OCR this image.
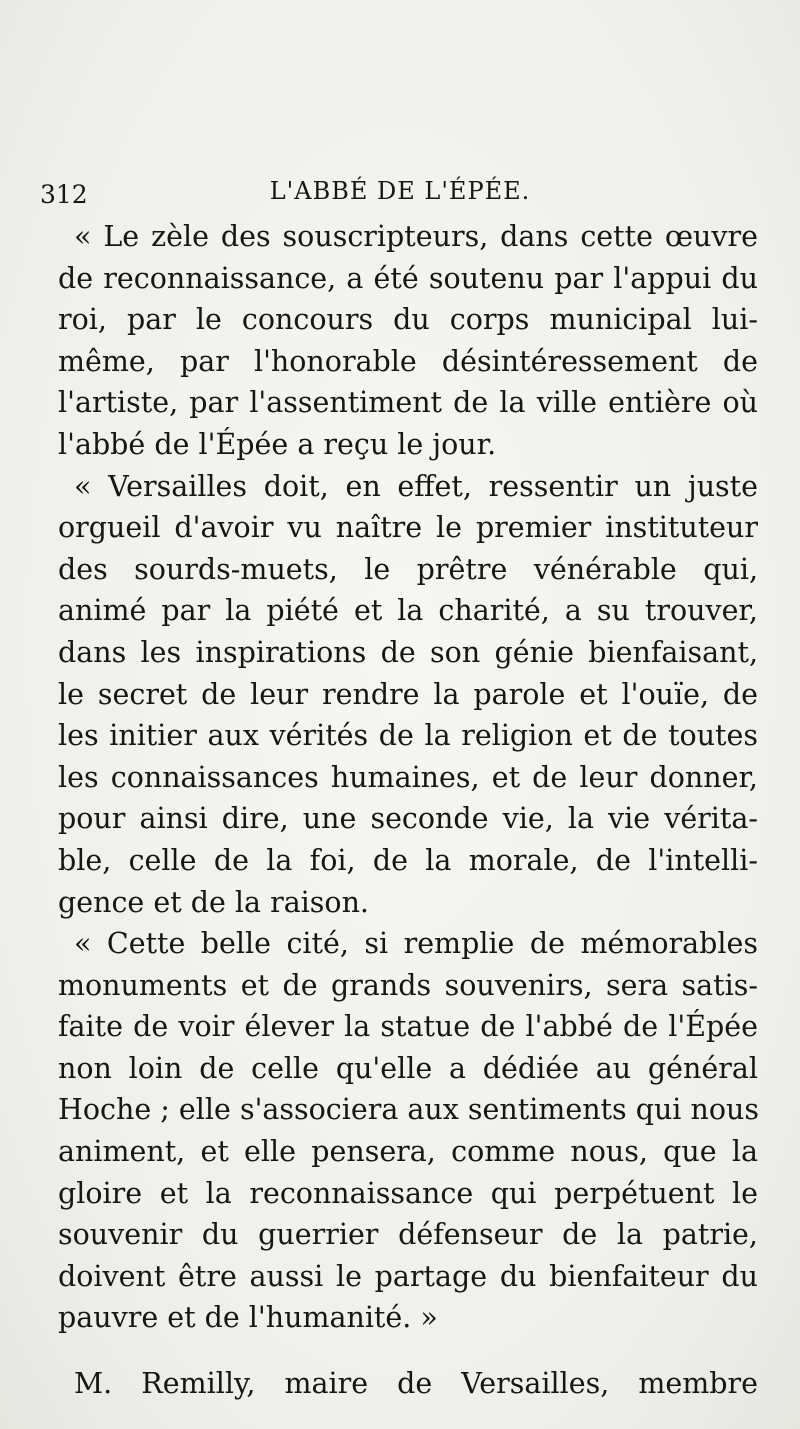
312	L'ABBÉ DE L'ÉPÉE.

« Le zèle des souscripteurs, dans cette œuvre
de reconnaissance, a été soutenu par l'appui du
roi, par le concours du corps municipal lui-
même, par l'honorable désintéressement de
l'artiste, par l'assentiment de la ville entière où
l'abbé de l'Épée a reçu le jour.

« Versailles doit, en effet, ressentir un juste
orgueil d'avoir vu naître le premier instituteur
des sourds-muets, le prêtre vénérable qui,
animé par la piété et la charité, a su trouver,
dans les inspirations de son génie bienfaisant,
le secret de leur rendre la parole et l'ouïe, de
les initier aux vérités de la religion et de toutes
les connaissances humaines, et de leur donner,
pour ainsi dire, une seconde vie, la vie vérita-
ble, celle de la foi, de la morale, de l'intelli-
gence et de la raison.

« Cette belle cité, si remplie de mémorables
monuments et de grands souvenirs, sera satis-
faite de voir élever la statue de l'abbé de l'Épée
non loin de celle qu'elle a dédiée au général
Hoche ; elle s'associera aux sentiments qui nous
animent, et elle pensera, comme nous, que la
gloire et la reconnaissance qui perpétuent le
souvenir du guerrier défenseur de la patrie,
doivent être aussi le partage du bienfaiteur du
pauvre et de l'humanité. »

M. Remilly, maire de Versailles, membre
